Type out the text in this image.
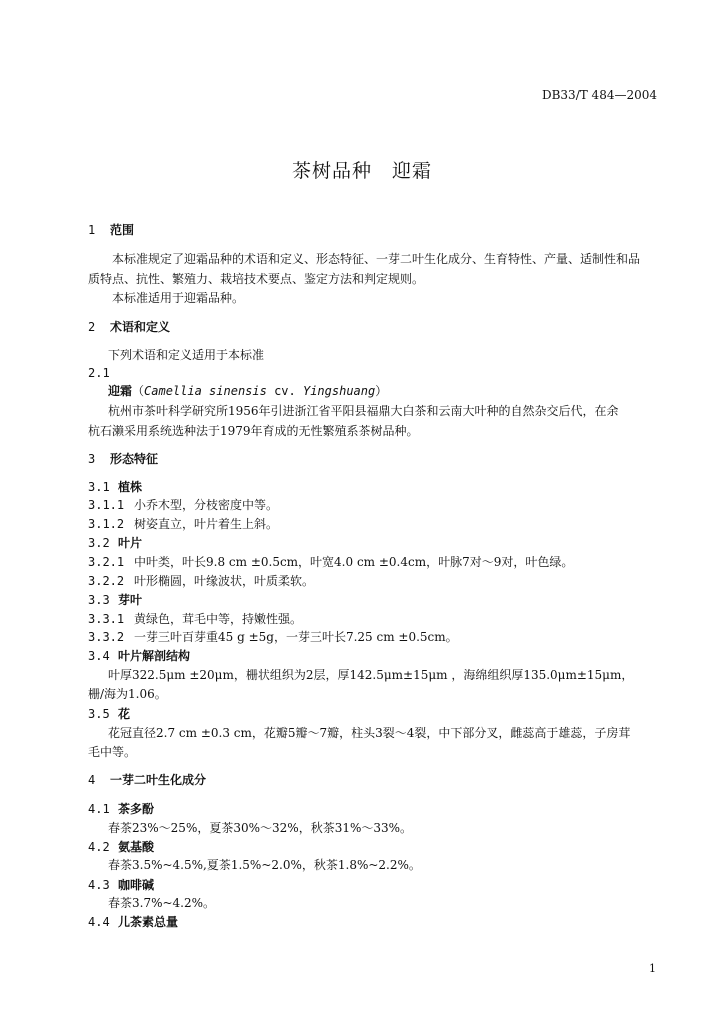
DB33/T 484—2004
茶树品种　迎霜
1 范围
本标准规定了迎霜品种的术语和定义、形态特征、一芽二叶生化成分、生育特性、产量、适制性和品
质特点、抗性、繁殖力、栽培技术要点、鉴定方法和判定规则。
本标准适用于迎霜品种。
2 术语和定义
下列术语和定义适用于本标准
2.1
迎霜（Camellia sinensis cv. Yingshuang）
杭州市茶叶科学研究所1956年引进浙江省平阳县福鼎大白茶和云南大叶种的自然杂交后代，在余
杭石濑采用系统选种法于1979年育成的无性繁殖系茶树品种。
3 形态特征
3.1 植株
3.1.1 小乔木型，分枝密度中等。
3.1.2 树姿直立，叶片着生上斜。
3.2 叶片
3.2.1 中叶类，叶长9.8 cm ±0.5cm，叶宽4.0 cm ±0.4cm，叶脉7对～9对，叶色绿。
3.2.2 叶形椭圆，叶缘波状，叶质柔软。
3.3 芽叶
3.3.1 黄绿色，茸毛中等，持嫩性强。
3.3.2 一芽三叶百芽重45 g ±5g，一芽三叶长7.25 cm ±0.5cm。
3.4 叶片解剖结构
叶厚322.5μm ±20μm，栅状组织为2层，厚142.5μm±15μm ，海绵组织厚135.0μm±15μm，
栅/海为1.06。
3.5 花
花冠直径2.7 cm ±0.3 cm，花瓣5瓣～7瓣，柱头3裂～4裂，中下部分叉，雌蕊高于雄蕊，子房茸
毛中等。
4 一芽二叶生化成分
4.1 茶多酚
春茶23%～25%，夏茶30%～32%，秋茶31%～33%。
4.2 氨基酸
春茶3.5%~4.5%,夏茶1.5%~2.0%，秋茶1.8%~2.2%。
4.3 咖啡碱
春茶3.7%~4.2%。
4.4 儿茶素总量
1
